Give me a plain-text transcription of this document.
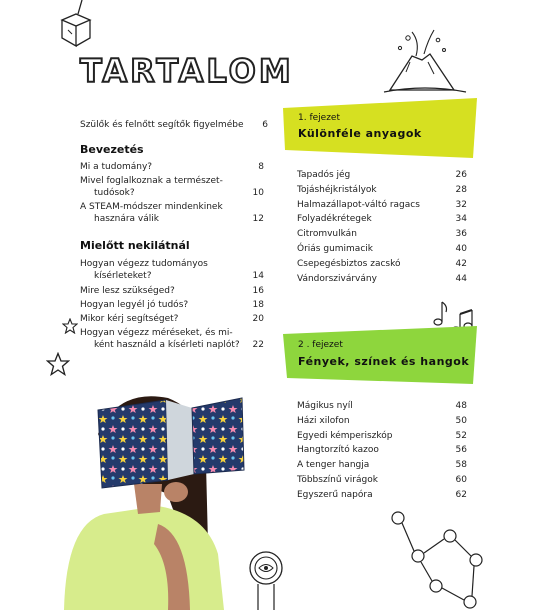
TARTALOM
Szülők és felnőtt segítők figyelmébe 6
Bevezetés
Mi a tudomány?	8
Mivel foglalkoznak a természet- tudósok?	10
A STEAM-módszer mindenkinek hasznára válik	12
Mielőtt nekilátnál
Hogyan végezz tudományos kísérleteket?	14
Mire lesz szükséged?	16
Hogyan legyél jó tudós?	18
Mikor kérj segítséget?	20
Hogyan végezz méréseket, és mi- ként használd a kísérleti naplót? 22
1. fejezet
Különféle anyagok
Tapadós jég	26
Tojáshéjkristályok	28
Halmazállapot-váltó ragacs	32
Folyadékrétegek	34
Citromvulkán	36
Óriás gumimacik	40
Csepegésbiztos zacskó	42
Vándorszivárvány	44
2 . fejezet
Fények, színek és hangok
Mágikus nyíl	48
Házi xilofon	50
Egyedi kémperiszkóp	52
Hangtorzító kazoo	56
A tenger hangja	58
Többszínű virágok	60
Egyszerű napóra	62
